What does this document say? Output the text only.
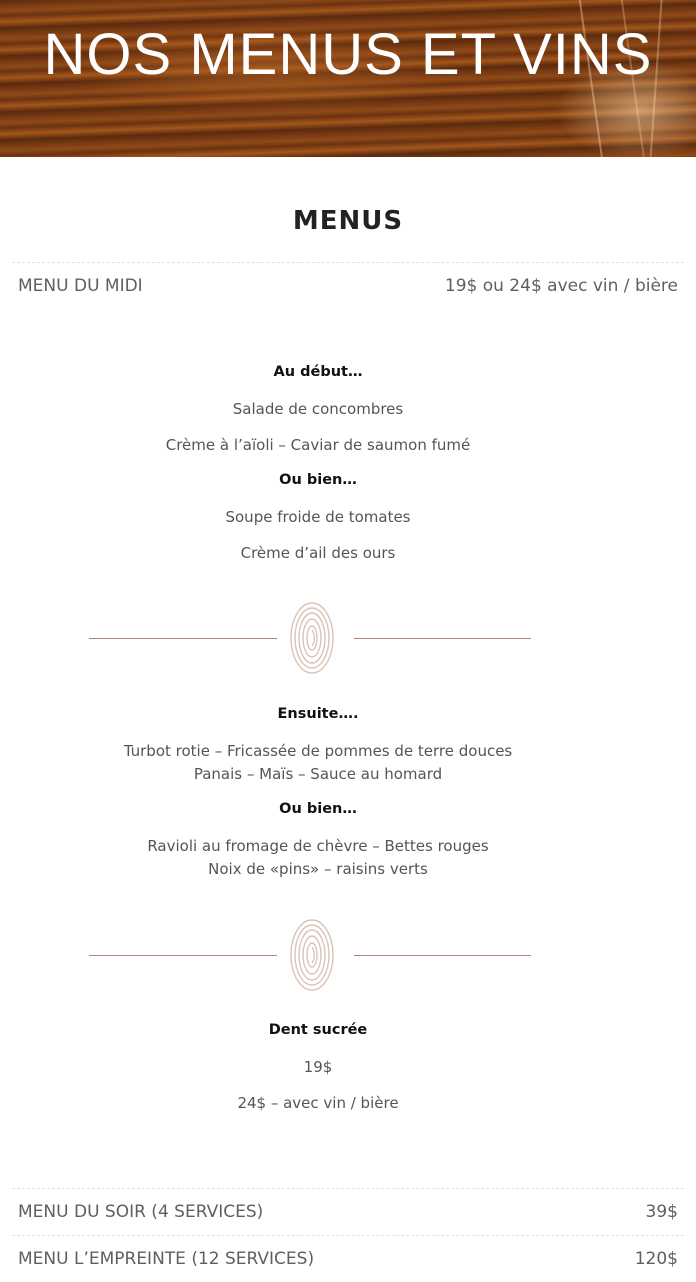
NOS MENUS ET VINS
MENUS
MENU DU MIDI	19$ ou 24$ avec vin / bière
Au début…
Salade de concombres
Crème à l’aïoli – Caviar de saumon fumé
Ou bien…
Soupe froide de tomates
Crème d’ail des ours
Ensuite….
Turbot rotie – Fricassée de pommes de terre douces
Panais – Maïs – Sauce au homard
Ou bien…
Ravioli au fromage de chèvre – Bettes rouges
Noix de «pins» – raisins verts
Dent sucrée
19$
24$ – avec vin / bière
MENU DU SOIR (4 SERVICES)	39$
MENU L’EMPREINTE (12 SERVICES)	120$
